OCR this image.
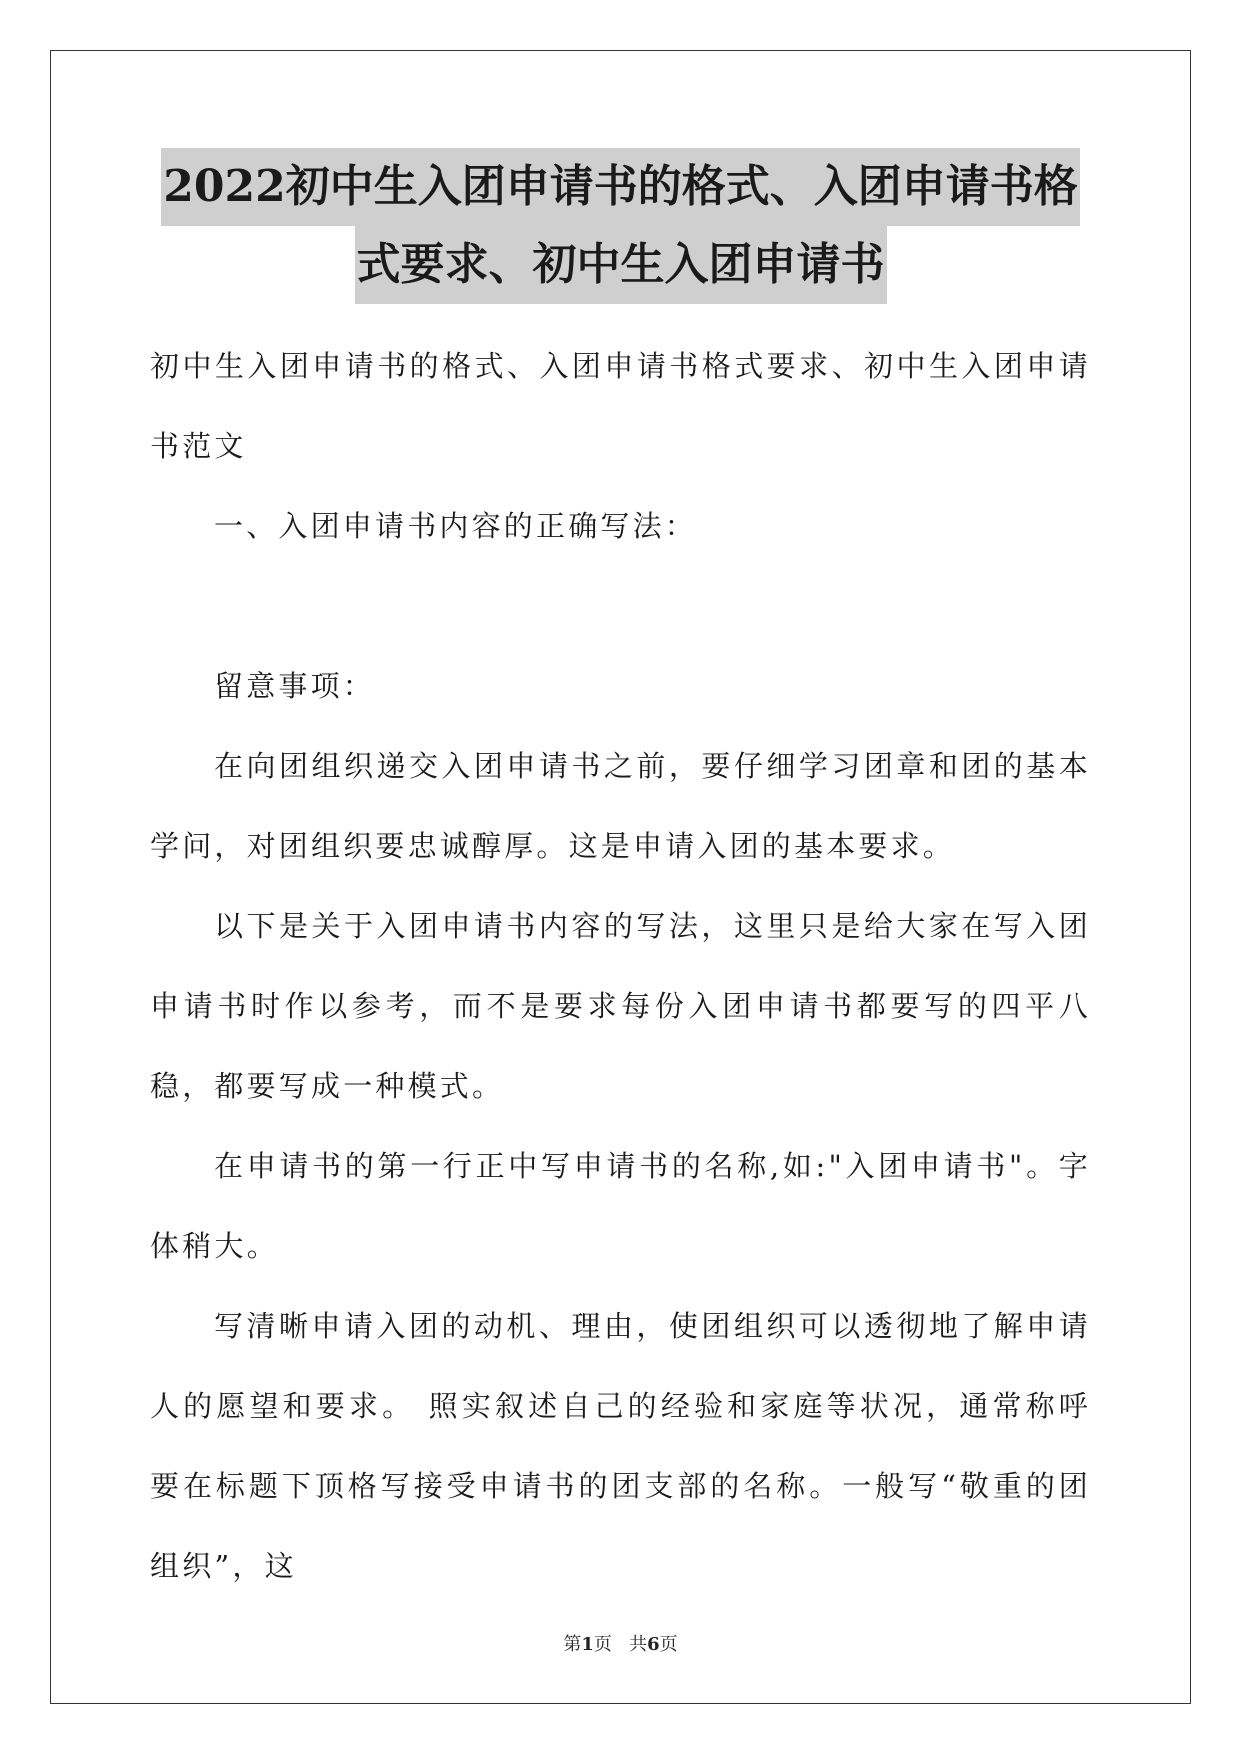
2022初中生入团申请书的格式、入团申请书格
式要求、初中生入团申请书

初中生入团申请书的格式、入团申请书格式要求、初中生入团申请书范文

一、入团申请书内容的正确写法：

留意事项：

在向团组织递交入团申请书之前，要仔细学习团章和团的基本学问，对团组织要忠诚醇厚。这是申请入团的基本要求。

以下是关于入团申请书内容的写法，这里只是给大家在写入团申请书时作以参考，而不是要求每份入团申请书都要写的四平八稳，都要写成一种模式。

在申请书的第一行正中写申请书的名称,如:"入团申请书"。字体稍大。

写清晰申请入团的动机、理由，使团组织可以透彻地了解申请人的愿望和要求。 照实叙述自己的经验和家庭等状况，通常称呼要在标题下顶格写接受申请书的团支部的名称。一般写“敬重的团组织”，这

第1页 共6页
